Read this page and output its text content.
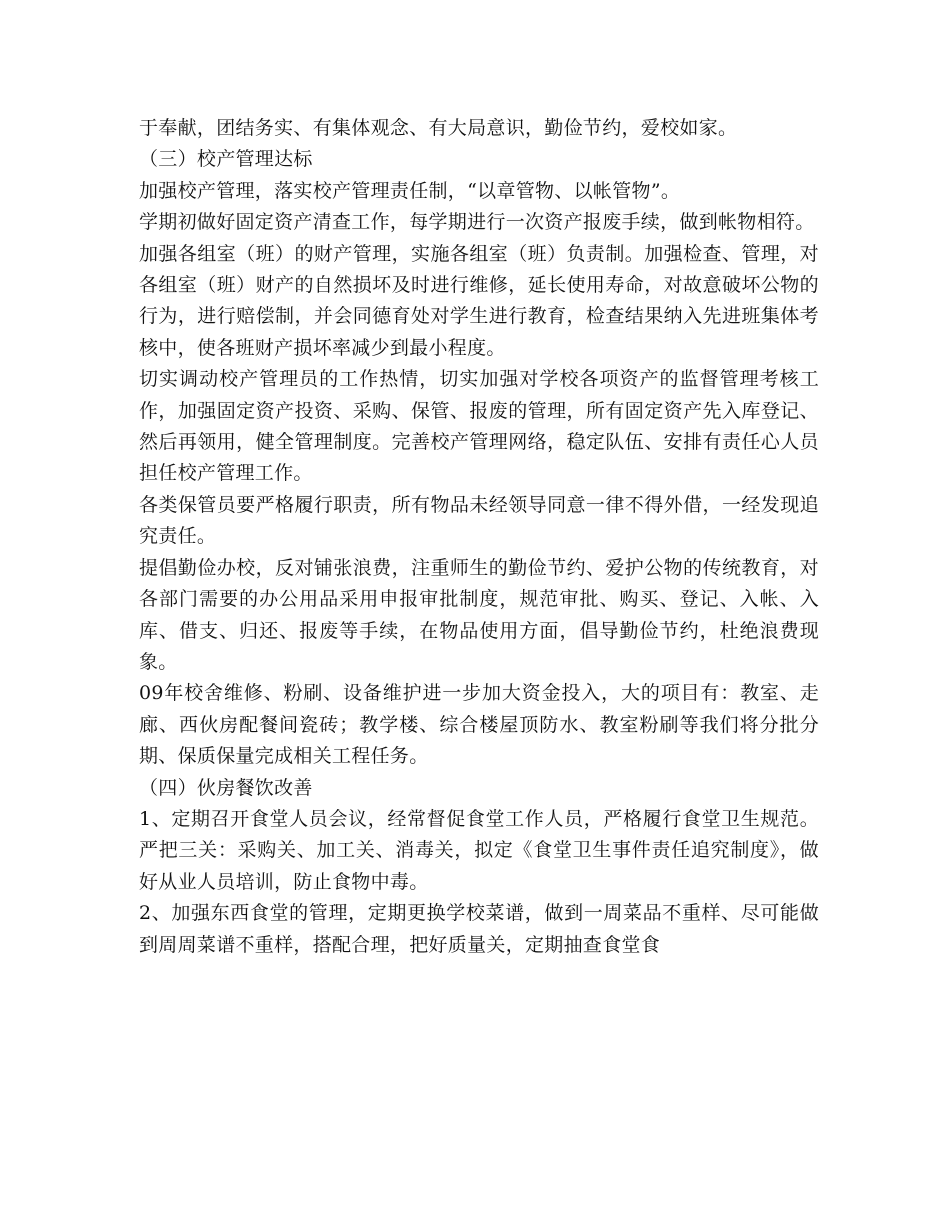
于奉献，团结务实、有集体观念、有大局意识，勤俭节约，爱校如家。

（三）校产管理达标

加强校产管理，落实校产管理责任制，“以章管物、以帐管物”。

学期初做好固定资产清查工作，每学期进行一次资产报废手续，做到帐物相符。

加强各组室（班）的财产管理，实施各组室（班）负责制。加强检查、管理，对各组室（班）财产的自然损坏及时进行维修，延长使用寿命，对故意破坏公物的行为，进行赔偿制，并会同德育处对学生进行教育，检查结果纳入先进班集体考核中，使各班财产损坏率减少到最小程度。

切实调动校产管理员的工作热情，切实加强对学校各项资产的监督管理考核工作，加强固定资产投资、采购、保管、报废的管理，所有固定资产先入库登记、然后再领用，健全管理制度。完善校产管理网络，稳定队伍、安排有责任心人员担任校产管理工作。

各类保管员要严格履行职责，所有物品未经领导同意一律不得外借，一经发现追究责任。

提倡勤俭办校，反对铺张浪费，注重师生的勤俭节约、爱护公物的传统教育，对各部门需要的办公用品采用申报审批制度，规范审批、购买、登记、入帐、入库、借支、归还、报废等手续，在物品使用方面，倡导勤俭节约，杜绝浪费现象。

09年校舍维修、粉刷、设备维护进一步加大资金投入，大的项目有：教室、走廊、西伙房配餐间瓷砖；教学楼、综合楼屋顶防水、教室粉刷等我们将分批分期、保质保量完成相关工程任务。

（四）伙房餐饮改善

1、定期召开食堂人员会议，经常督促食堂工作人员，严格履行食堂卫生规范。严把三关：采购关、加工关、消毒关，拟定《食堂卫生事件责任追究制度》，做好从业人员培训，防止食物中毒。

2、加强东西食堂的管理，定期更换学校菜谱，做到一周菜品不重样、尽可能做到周周菜谱不重样，搭配合理，把好质量关，定期抽查食堂食
